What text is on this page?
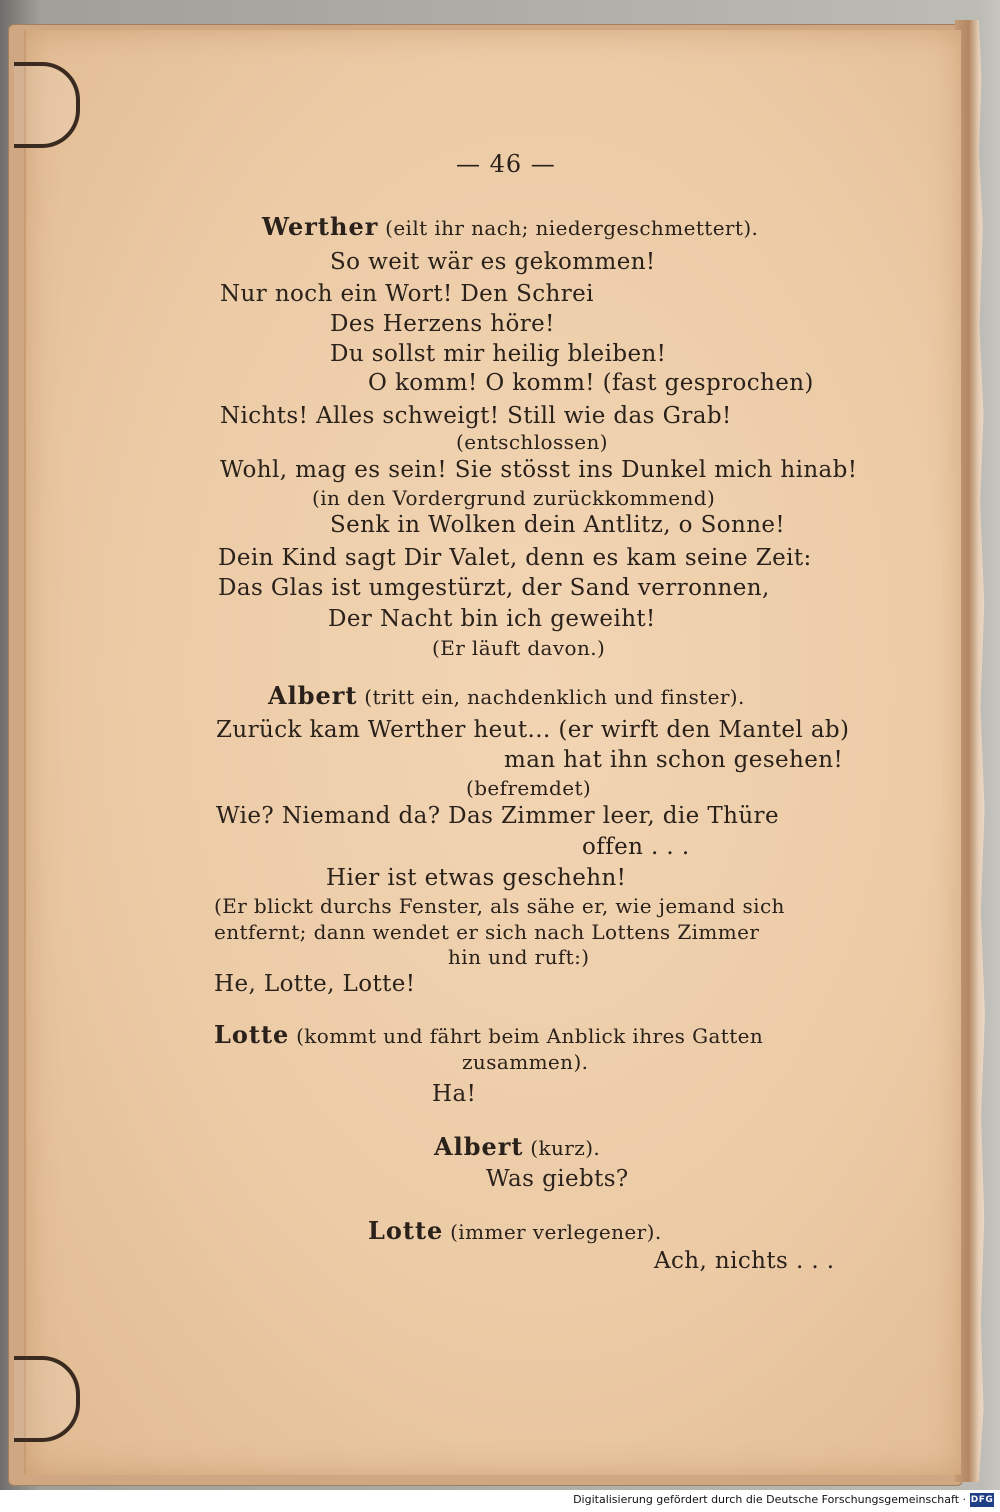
— 46 —
Werther (eilt ihr nach; niedergeschmettert).
So weit wär es gekommen!
Nur noch ein Wort! Den Schrei
Des Herzens höre!
Du sollst mir heilig bleiben!
O komm! O komm! (fast gesprochen)
Nichts! Alles schweigt! Still wie das Grab!
(entschlossen)
Wohl, mag es sein! Sie stösst ins Dunkel mich hinab!
(in den Vordergrund zurückkommend)
Senk in Wolken dein Antlitz, o Sonne!
Dein Kind sagt Dir Valet, denn es kam seine Zeit:
Das Glas ist umgestürzt, der Sand verronnen,
Der Nacht bin ich geweiht!
(Er läuft davon.)
Albert (tritt ein, nachdenklich und finster).
Zurück kam Werther heut... (er wirft den Mantel ab)
man hat ihn schon gesehen!
(befremdet)
Wie? Niemand da? Das Zimmer leer, die Thüre
offen . . .
Hier ist etwas geschehn!
(Er blickt durchs Fenster, als sähe er, wie jemand sich
entfernt; dann wendet er sich nach Lottens Zimmer
hin und ruft:)
He, Lotte, Lotte!
Lotte (kommt und fährt beim Anblick ihres Gatten
zusammen).
Ha!
Albert (kurz).
Was giebts?
Lotte (immer verlegener).
Ach, nichts . . .
Digitalisierung gefördert durch die Deutsche Forschungsgemeinschaft · DFG
